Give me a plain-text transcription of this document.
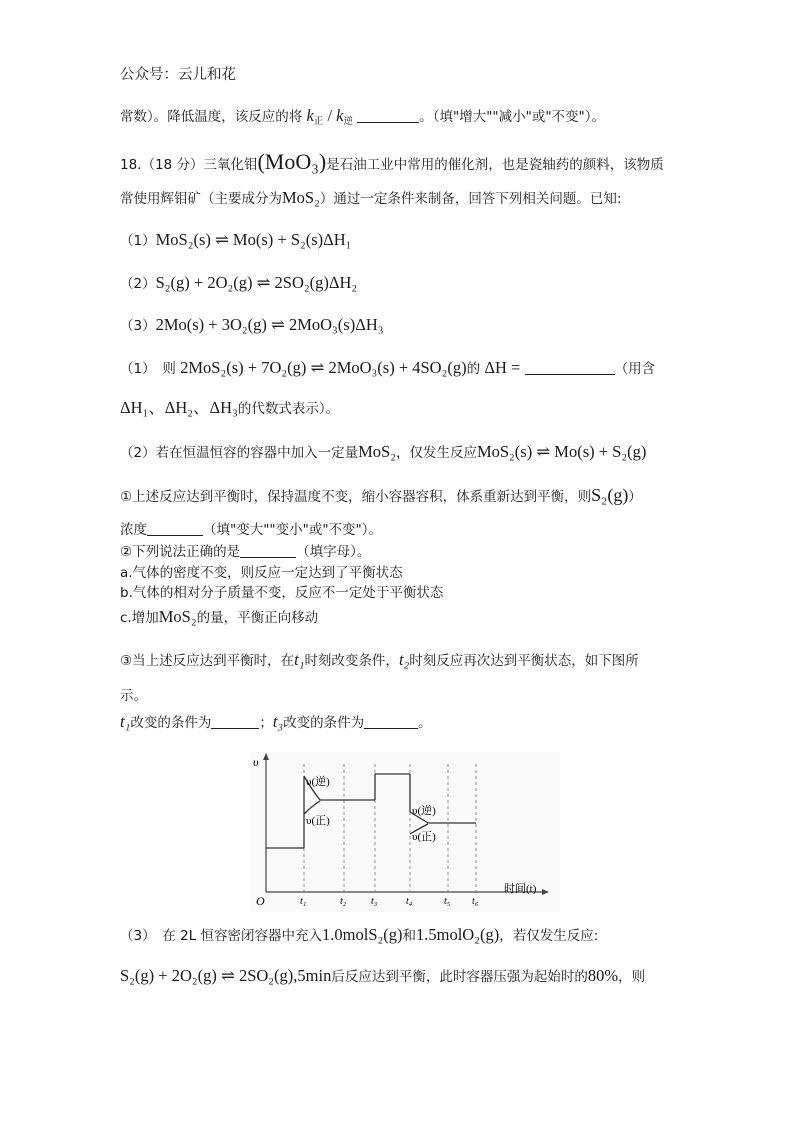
公众号：云儿和花
常数）。降低温度，该反应的将 $k_正 / k_逆$	。（填"增大""减小"或"不变"）。
18.（18 分）三氧化钼(MoO₃)是石油工业中常用的催化剂，也是瓷轴药的颜料，该物质
常使用辉钼矿（主要成分为MoS₂）通过一定条件来制备，回答下列相关问题。已知:
（1）MoS₂(s) ⇌ Mo(s) + S₂(s)ΔH₁
（2）S₂(g) + 2O₂(g) ⇌ 2SO₂(g)ΔH₂
（3）2Mo(s) + 3O₂(g) ⇌ 2MoO₃(s)ΔH₃
（1）　则 2MoS₂(s) + 7O₂(g) ⇌ 2MoO₃(s) + 4SO₂(g)的 ΔH =	（用含
ΔH₁、ΔH₂、ΔH₃的代数式表示）。
（2）若在恒温恒容的容器中加入一定量MoS₂，仅发生反应MoS₂(s) ⇌ Mo(s) + S₂(g)
①上述反应达到平衡时，保持温度不变，缩小容器容积，体系重新达到平衡，则S₂(g)）
浓度	（填"变大""变小"或"不变"）。
②下列说法正确的是	（填字母）。
a.气体的密度不变，则反应一定达到了平衡状态
b.气体的相对分子质量不变，反应不一定处于平衡状态
c.增加MoS₂的量，平衡正向移动
③当上述反应达到平衡时，在t₁时刻改变条件，t₂时刻反应再次达到平衡状态，如下图所
示。
t₁改变的条件为	；t₃改变的条件为	。
υ
O
时间(t)
t₁	t₂ t₃	t₄	t₅ t₆
υ(逆)
υ(正)
υ(逆)
υ(正)
（3）　在 2L 恒容密闭容器中充入1.0molS₂(g)和1.5molO₂(g)，若仅发生反应:
S₂(g) + 2O₂(g) ⇌ 2SO₂(g),5min后反应达到平衡，此时容器压强为起始时的80%，则
